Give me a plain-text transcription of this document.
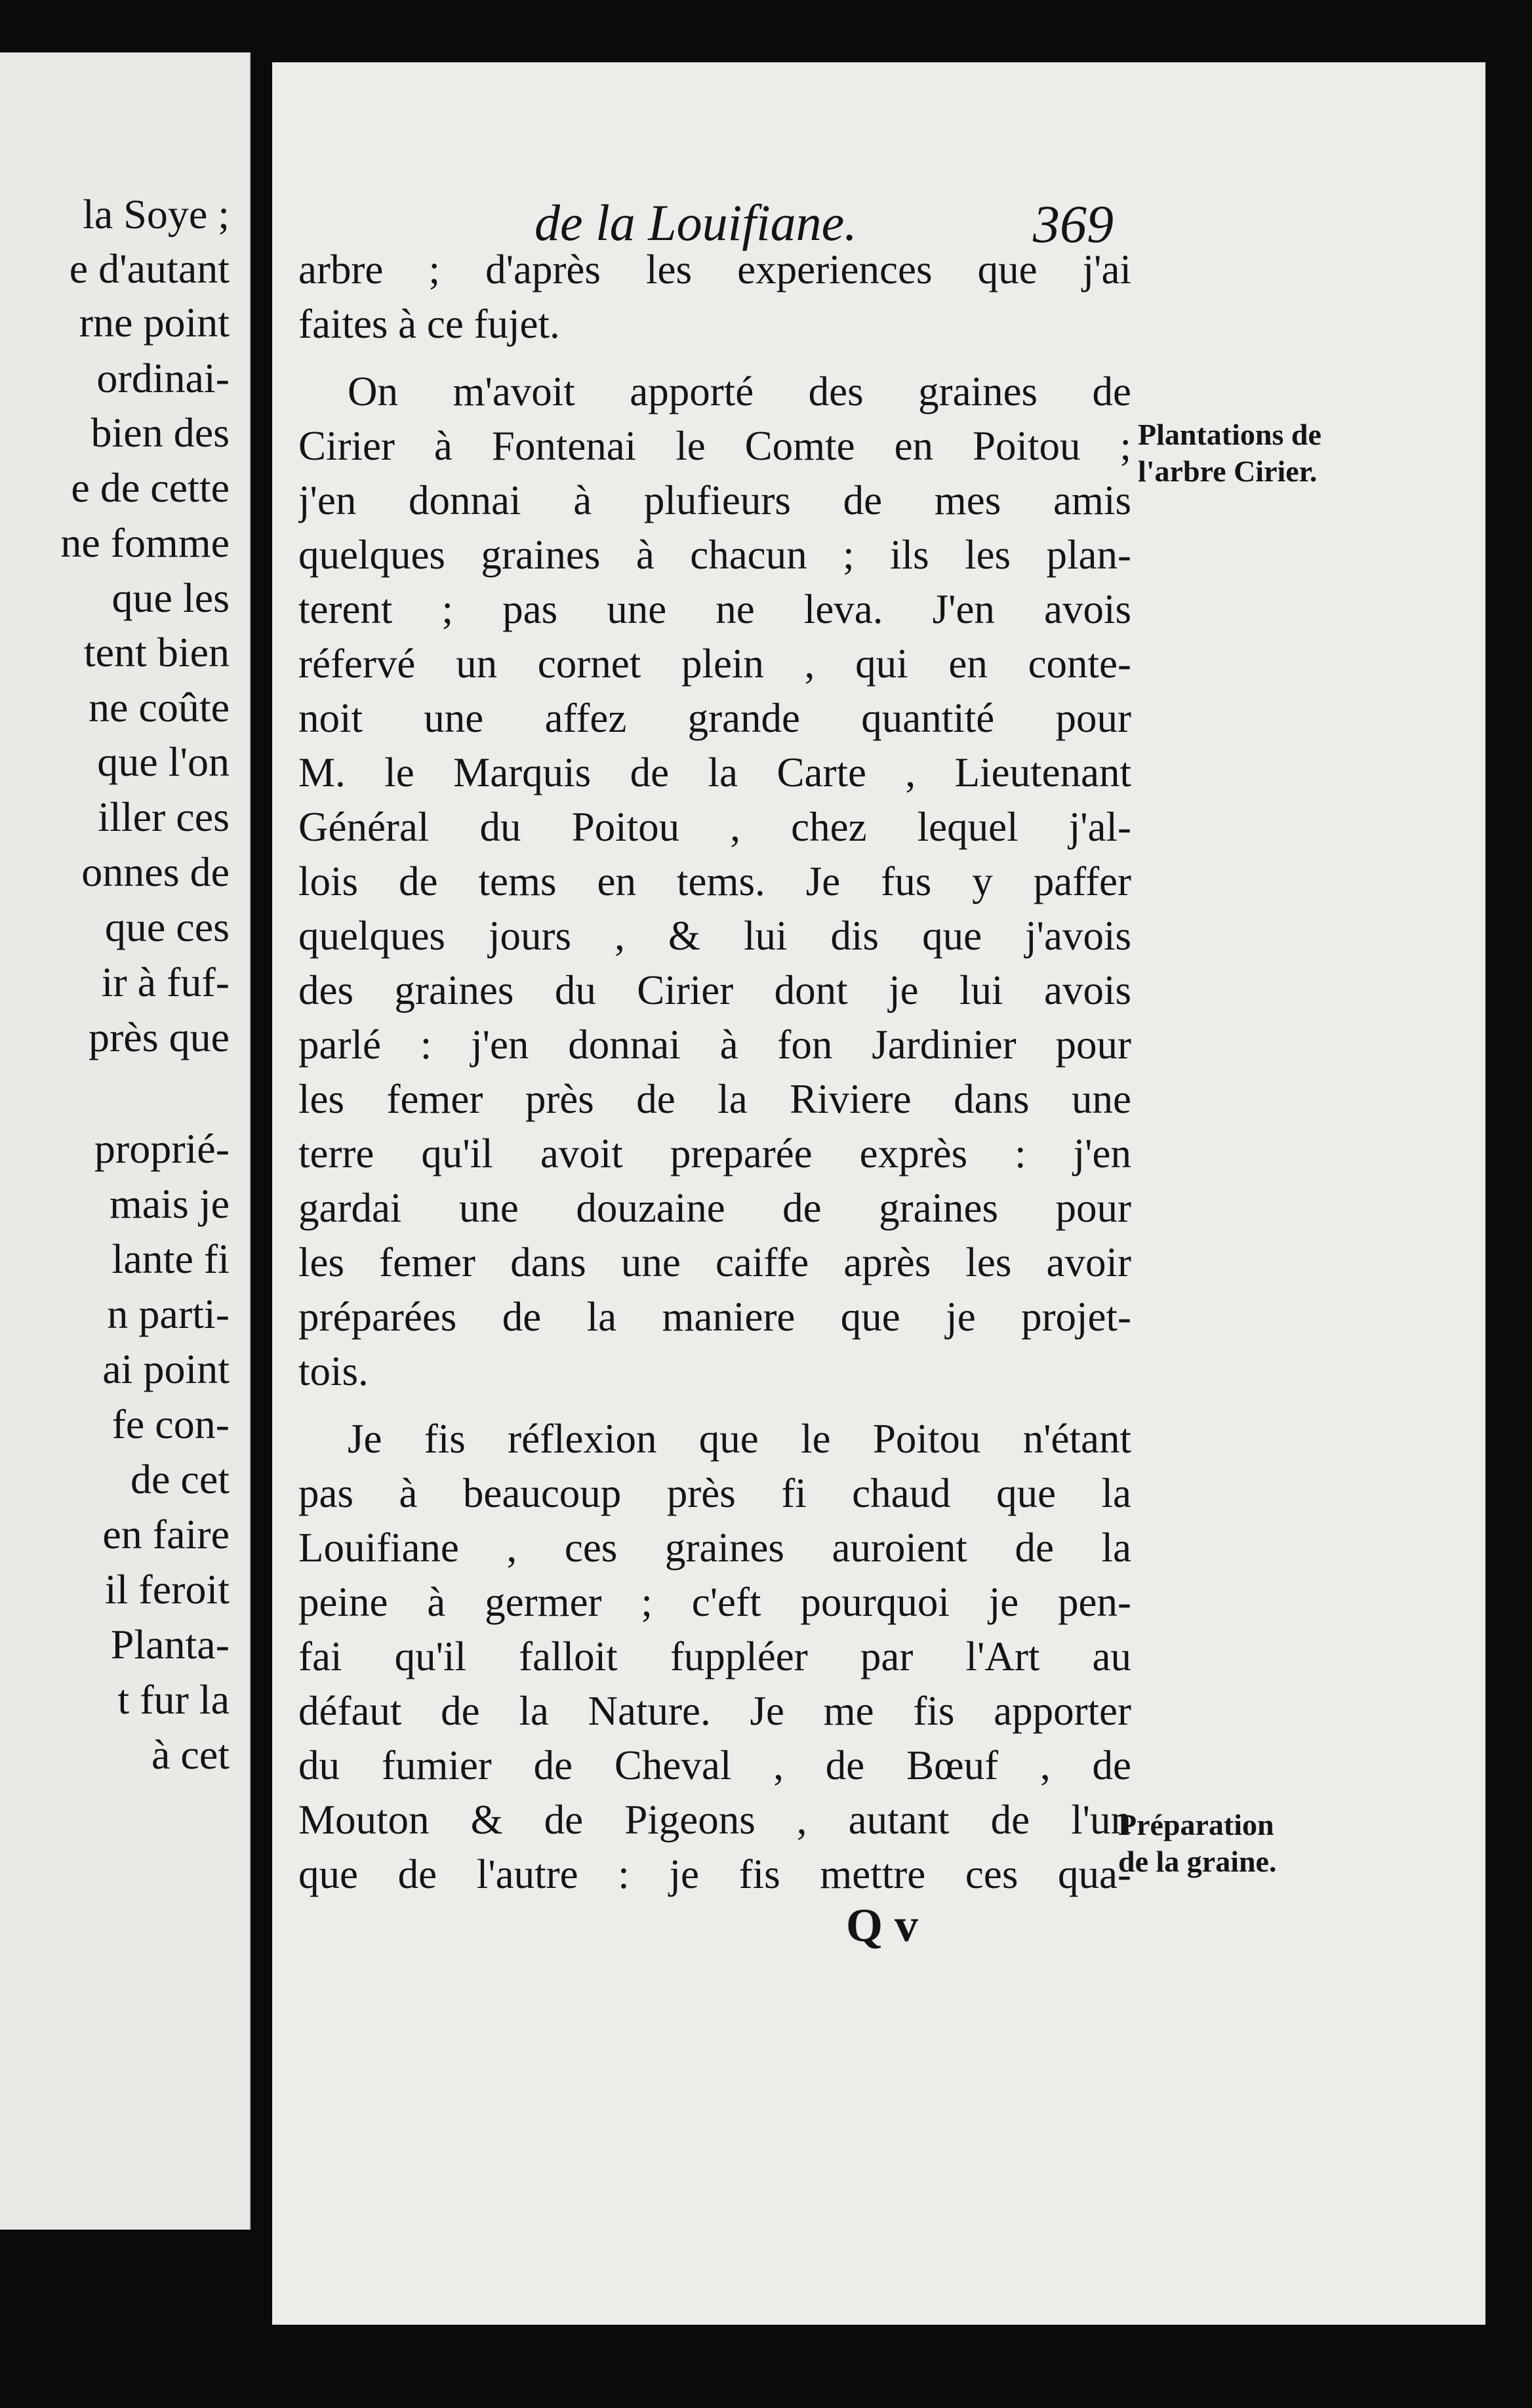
la Soye ;
e d'autant
rne point
ordinai-
bien des
e de cette
ne fomme
que les
tent bien
ne coûte
que l'on
iller ces
onnes de
que ces
ir à fuf-
près que
proprié-
mais je
lante fi
n parti-
ai point
fe con-
de cet
en faire
il feroit
Planta-
t fur la
à cet
de la Louifiane.	369
arbre ; d'après les experiences que j'ai
faites à ce fujet.
On m'avoit apporté des graines de
Cirier à Fontenai le Comte en Poitou ;
j'en donnai à plufieurs de mes amis
quelques graines à chacun ; ils les plan-
terent ; pas une ne leva. J'en avois
réfervé un cornet plein , qui en conte-
noit une affez grande quantité pour
M. le Marquis de la Carte , Lieutenant
Général du Poitou , chez lequel j'al-
lois de tems en tems. Je fus y paffer
quelques jours , & lui dis que j'avois
des graines du Cirier dont je lui avois
parlé : j'en donnai à fon Jardinier pour
les femer près de la Riviere dans une
terre qu'il avoit preparée exprès : j'en
gardai une douzaine de graines pour
les femer dans une caiffe après les avoir
préparées de la maniere que je projet-
tois.
Je fis réflexion que le Poitou n'étant
pas à beaucoup près fi chaud que la
Louifiane , ces graines auroient de la
peine à germer ; c'eft pourquoi je pen-
fai qu'il falloit fuppléer par l'Art au
défaut de la Nature. Je me fis apporter
du fumier de Cheval , de Bœuf , de
Mouton & de Pigeons , autant de l'un
que de l'autre : je fis mettre ces qua-
Plantations de
l'arbre Cirier.
Préparation
de la graine.
Q v
